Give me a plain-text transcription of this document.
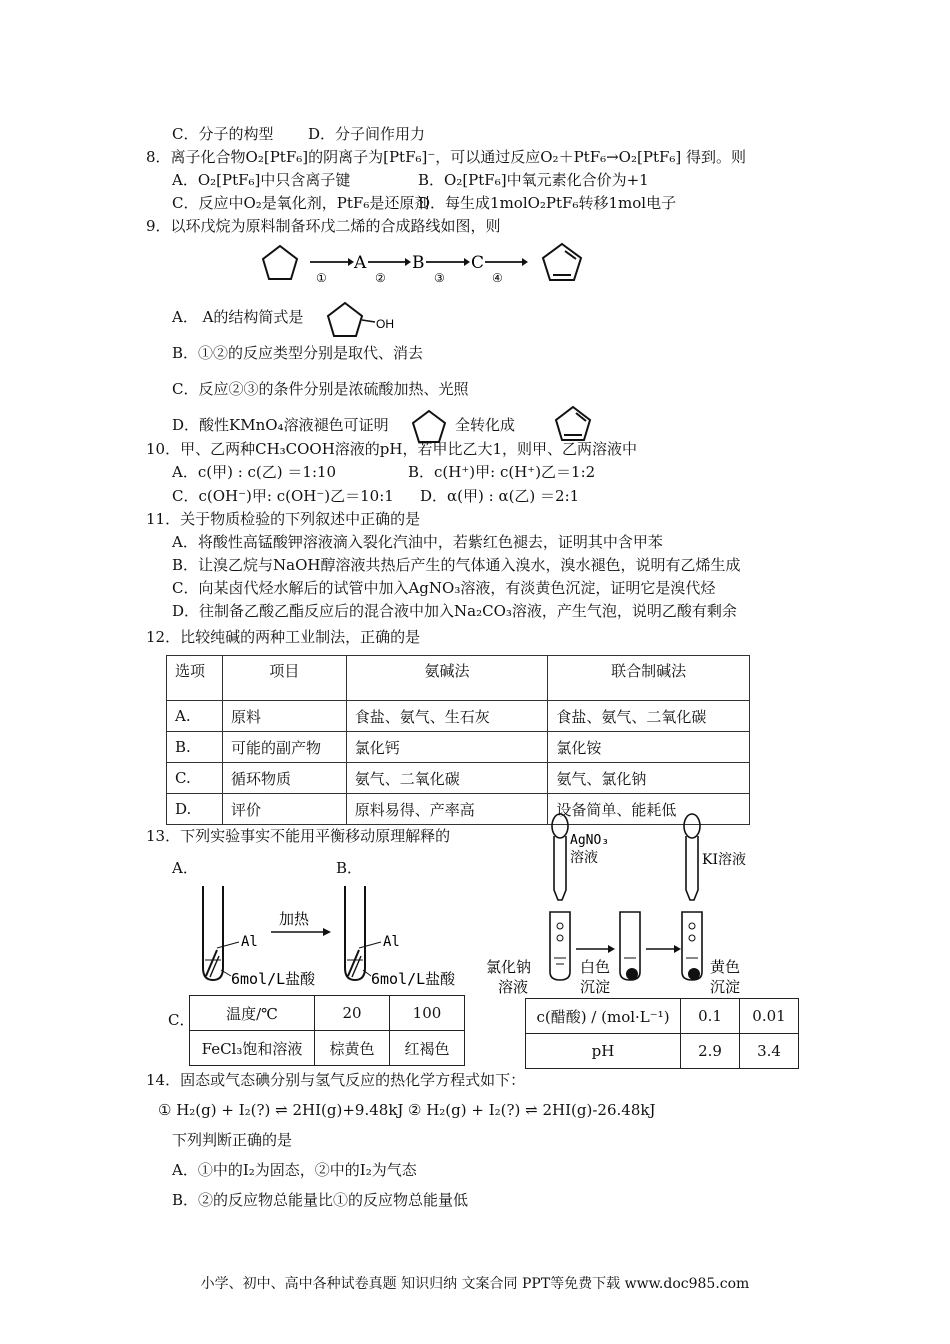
C．分子的构型 D．分子间作用力
8．离子化合物O₂[PtF₆]的阴离子为[PtF₆]⁻，可以通过反应O₂＋PtF₆→O₂[PtF₆] 得到。则
A．O₂[PtF₆]中只含离子键	B．O₂[PtF₆]中氧元素化合价为+1
C．反应中O₂是氧化剂，PtF₆是还原剂
D．每生成1molO₂PtF₆转移1mol电子
9．以环戊烷为原料制备环戊二烯的合成路线如图，则
①
A
②
B
③
C
④
A． A的结构简式是	OH
B．①②的反应类型分别是取代、消去
C．反应②③的条件分别是浓硫酸加热、光照
D．酸性KMnO₄溶液褪色可证明	全转化成
10．甲、乙两种CH₃COOH溶液的pH，若甲比乙大1，则甲、乙两溶液中
A．c(甲) : c(乙) ＝1:10	B．c(H⁺)甲: c(H⁺)乙＝1:2
C．c(OH⁻)甲: c(OH⁻)乙＝10:1 D．α(甲) : α(乙) ＝2:1
11．关于物质检验的下列叙述中正确的是
A．将酸性高锰酸钾溶液滴入裂化汽油中，若紫红色褪去，证明其中含甲苯
B．让溴乙烷与NaOH醇溶液共热后产生的气体通入溴水，溴水褪色，说明有乙烯生成
C．向某卤代烃水解后的试管中加入AgNO₃溶液，有淡黄色沉淀，证明它是溴代烃
D．往制备乙酸乙酯反应后的混合液中加入Na₂CO₃溶液，产生气泡，说明乙酸有剩余
12．比较纯碱的两种工业制法，正确的是
选项	项目	氨碱法	联合制碱法
A.	原料	食盐、氨气、生石灰	食盐、氨气、二氧化碳
B.	可能的副产物	氯化钙	氯化铵
C.	循环物质	氨气、二氧化碳	氨气、氯化钠
D.	评价	原料易得、产率高	设备简单、能耗低
13．下列实验事实不能用平衡移动原理解释的
A．	B．
Al
6mol/L盐酸
加热
Al
6mol/L盐酸
AgNO₃
溶液
氯化钠
溶液
白色
沉淀
KI溶液
黄色
沉淀
C． 温度/℃	20	100
FeCl₃饱和溶液	棕黄色	红褐色
c(醋酸) / (mol·L⁻¹)	0.1	0.01
pH	2.9	3.4
14．固态或气态碘分别与氢气反应的热化学方程式如下：
① H₂(g) + I₂(?) ⇌ 2HI(g)+9.48kJ ② H₂(g) + I₂(?) ⇌ 2HI(g)-26.48kJ
下列判断正确的是
A．①中的I₂为固态，②中的I₂为气态
B．②的反应物总能量比①的反应物总能量低
小学、初中、高中各种试卷真题 知识归纳 文案合同 PPT等免费下载 www.doc985.com
